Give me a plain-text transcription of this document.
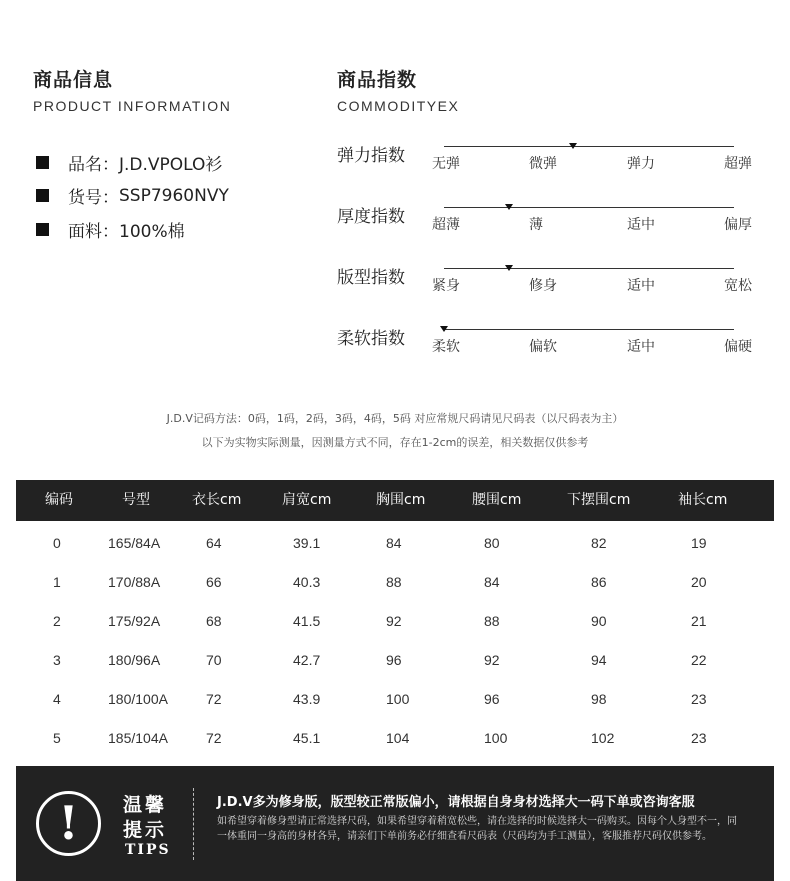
商品信息
PRODUCT INFORMATION
品名： J.D.VPOLO衫
货号： SSP7960NVY
面料： 100%棉
商品指数
COMMODITYEX
弹力指数 无弹	微弹	弹力	超弹
厚度指数 超薄	薄	适中	偏厚
版型指数 紧身	修身	适中	宽松
柔软指数 柔软	偏软	适中	偏硬
J.D.V记码方法：0码，1码，2码，3码，4码，5码 对应常规尺码请见尺码表（以尺码表为主）
以下为实物实际测量，因测量方式不同，存在1-2cm的误差，相关数据仅供参考
编码	号型	衣长cm	肩宽cm	胸围cm	腰围cm	下摆围cm	袖长cm
0	165/84A	64	39.1	84	80	82	19
1	170/88A	66	40.3	88	84	86	20
2	175/92A	68	41.5	92	88	90	21
3	180/96A	70	42.7	96	92	94	22
4	180/100A	72	43.9	100	96	98	23
5	185/104A	72	45.1	104	100	102	23
!	温馨
提示
TIPS
J.D.V多为修身版，版型较正常版偏小，请根据自身身材选择大一码下单或咨询客服
如希望穿着修身型请正常选择尺码，如果希望穿着稍宽松些，请在选择的时候选择大一码购买。因每个人身型不一，同一体重同一身高的身材各异，请亲们下单前务必仔细查看尺码表（尺码均为手工测量），客服推荐尺码仅供参考。
